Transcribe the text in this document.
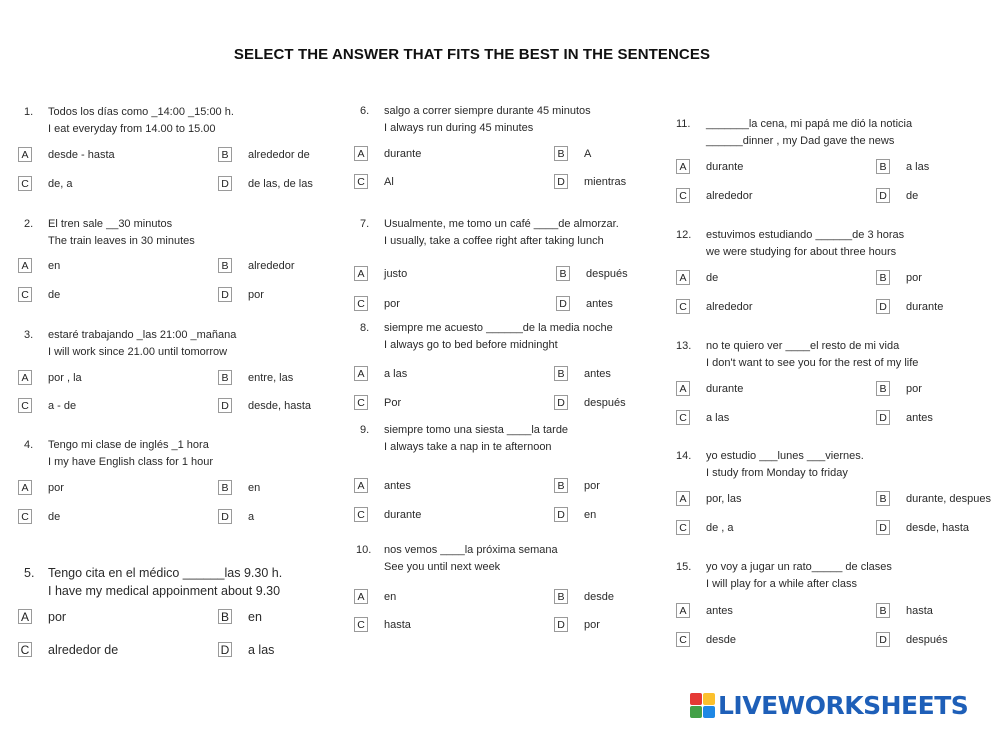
SELECT THE ANSWER THAT FITS THE BEST IN THE SENTENCES
1. Todos los días como _14:00 _15:00 h.
I eat everyday from 14.00 to 15.00
A	desde - hasta	B	alrededor de
C de, a	D de las, de las
2. El tren sale __30 minutos
The train leaves in 30 minutes
A	en	B	alrededor
C de	D por
3. estaré trabajando _las 21:00 _mañana
I will work since 21.00 until tomorrow
A	por , la	B	entre, las
C a - de	D desde, hasta
4. Tengo mi clase de inglés _1 hora
I my have English class for 1 hour
A	por	B	en
C de	D a
5. Tengo cita en el médico ______las 9.30 h.
I have my medical appoinment about 9.30
A por	B en
C alrededor de	D a las
6. salgo a correr siempre durante 45 minutos
I always run during 45 minutes
A	durante	B	A
C Al	D mientras
7. Usualmente, me tomo un café ____de almorzar.
I usually, take a coffee right after taking lunch
A	justo	B	después
C por	D antes
8. siempre me acuesto ______de la media noche
I always go to bed before midninght
A	a las	B	antes
C Por	D después
9. siempre tomo una siesta ____la tarde
I always take a nap in te afternoon
A	antes	B	por
C durante	D en
10. nos vemos ____la próxima semana
See you until next week
A	en	B	desde
C hasta	D por
11. _______la cena, mi papá me dió la noticia
______dinner , my Dad gave the news
A	durante	B	a las
C alrededor	D de
12. estuvimos estudiando ______de 3 horas
we were studying for about three hours
A	de	B	por
C alrededor	D durante
13. no te quiero ver ____el resto de mi vida
I don't want to see you for the rest of my life
A	durante	B	por
C a las	D antes
14. yo estudio ___lunes ___viernes.
I study from Monday to friday
A	por, las	B	durante, despues
C de , a	D desde, hasta
15. yo voy a jugar un rato_____ de clases
I will play for a while after class
A	antes	B	hasta
C desde	D después
LIVEWORKSHEETS
